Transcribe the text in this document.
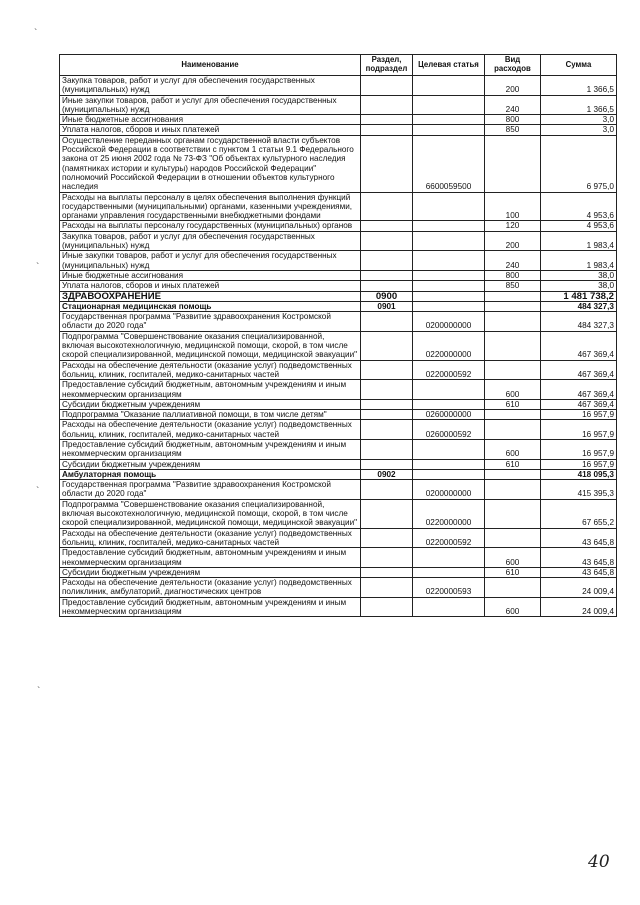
`
`
`
`
Наименование	Раздел, подраздел	Целевая статья	Вид расходов	Сумма
Закупка товаров, работ и услуг для обеспечения государственных (муниципальных) нужд			200	1 366,5
Иные закупки товаров, работ и услуг для обеспечения государственных (муниципальных) нужд			240	1 366,5
Иные бюджетные ассигнования			800	3,0
Уплата налогов, сборов и иных платежей			850	3,0
Осуществление переданных органам государственной власти субъектов Российской Федерации в соответствии с пунктом 1 статьи 9.1 Федерального закона от 25 июня 2002 года № 73-ФЗ "Об объектах культурного наследия (памятниках истории и культуры) народов Российской Федерации" полномочий Российской Федерации в отношении объектов культурного наследия		6600059500		6 975,0
Расходы на выплаты персоналу в целях обеспечения выполнения функций государственными (муниципальными) органами, казенными учреждениями, органами управления государственными внебюджетными фондами			100	4 953,6
Расходы на выплаты персоналу государственных (муниципальных) органов			120	4 953,6
Закупка товаров, работ и услуг для обеспечения государственных (муниципальных) нужд			200	1 983,4
Иные закупки товаров, работ и услуг для обеспечения государственных (муниципальных) нужд			240	1 983,4
Иные бюджетные ассигнования			800	38,0
Уплата налогов, сборов и иных платежей			850	38,0
ЗДРАВООХРАНЕНИЕ	0900			1 481 738,2
Стационарная медицинская помощь	0901			484 327,3
Государственная программа "Развитие здравоохранения Костромской области до 2020 года"		0200000000		484 327,3
Подпрограмма "Совершенствование оказания специализированной, включая высокотехнологичную, медицинской помощи, скорой, в том числе скорой специализированной, медицинской помощи, медицинской эвакуации"		0220000000		467 369,4
Расходы на обеспечение деятельности (оказание услуг) подведомственных больниц, клиник, госпиталей, медико-санитарных частей		0220000592		467 369,4
Предоставление субсидий бюджетным, автономным учреждениям и иным некоммерческим организациям			600	467 369,4
Субсидии бюджетным учреждениям			610	467 369,4
Подпрограмма "Оказание паллиативной помощи, в том числе детям"		0260000000		16 957,9
Расходы на обеспечение деятельности (оказание услуг) подведомственных больниц, клиник, госпиталей, медико-санитарных частей		0260000592		16 957,9
Предоставление субсидий бюджетным, автономным учреждениям и иным некоммерческим организациям			600	16 957,9
Субсидии бюджетным учреждениям			610	16 957,9
Амбулаторная помощь	0902			418 095,3
Государственная программа "Развитие здравоохранения Костромской области до 2020 года"		0200000000		415 395,3
Подпрограмма "Совершенствование оказания специализированной, включая высокотехнологичную, медицинской помощи, скорой, в том числе скорой специализированной, медицинской помощи, медицинской эвакуации"		0220000000		67 655,2
Расходы на обеспечение деятельности (оказание услуг) подведомственных больниц, клиник, госпиталей, медико-санитарных частей		0220000592		43 645,8
Предоставление субсидий бюджетным, автономным учреждениям и иным некоммерческим организациям			600	43 645,8
Субсидии бюджетным учреждениям			610	43 645,8
Расходы на обеспечение деятельности (оказание услуг) подведомственных поликлиник, амбулаторий, диагностических центров		0220000593		24 009,4
Предоставление субсидий бюджетным, автономным учреждениям и иным некоммерческим организациям			600	24 009,4
40
